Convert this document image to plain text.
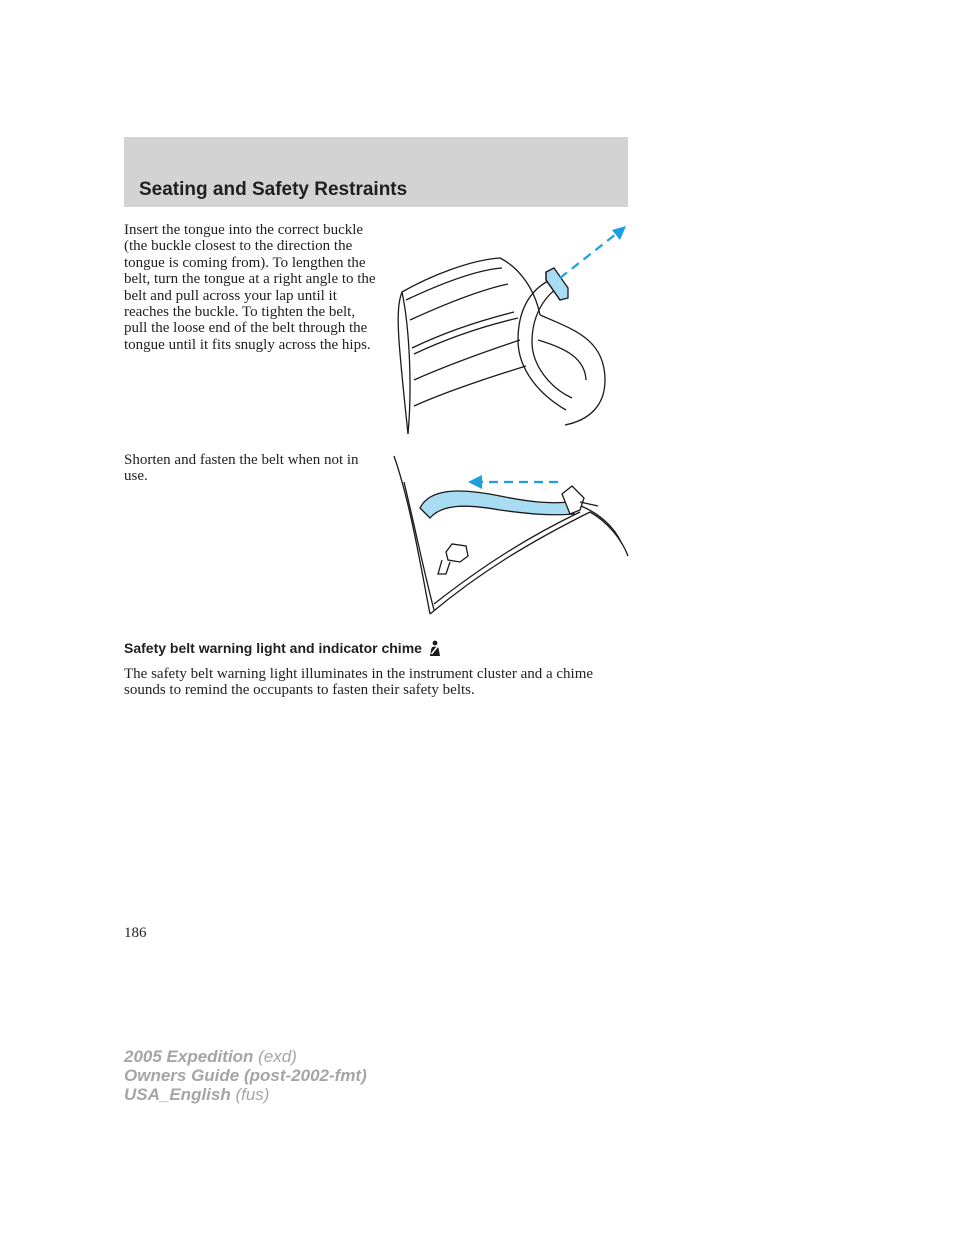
Seating and Safety Restraints

Insert the tongue into the correct buckle (the buckle closest to the direction the tongue is coming from). To lengthen the belt, turn the tongue at a right angle to the belt and pull across your lap until it reaches the buckle. To tighten the belt, pull the loose end of the belt through the tongue until it fits snugly across the hips.

Shorten and fasten the belt when not in use.

Safety belt warning light and indicator chime

The safety belt warning light illuminates in the instrument cluster and a chime sounds to remind the occupants to fasten their safety belts.

186

2005 Expedition (exd)
Owners Guide (post-2002-fmt)
USA_English (fus)
